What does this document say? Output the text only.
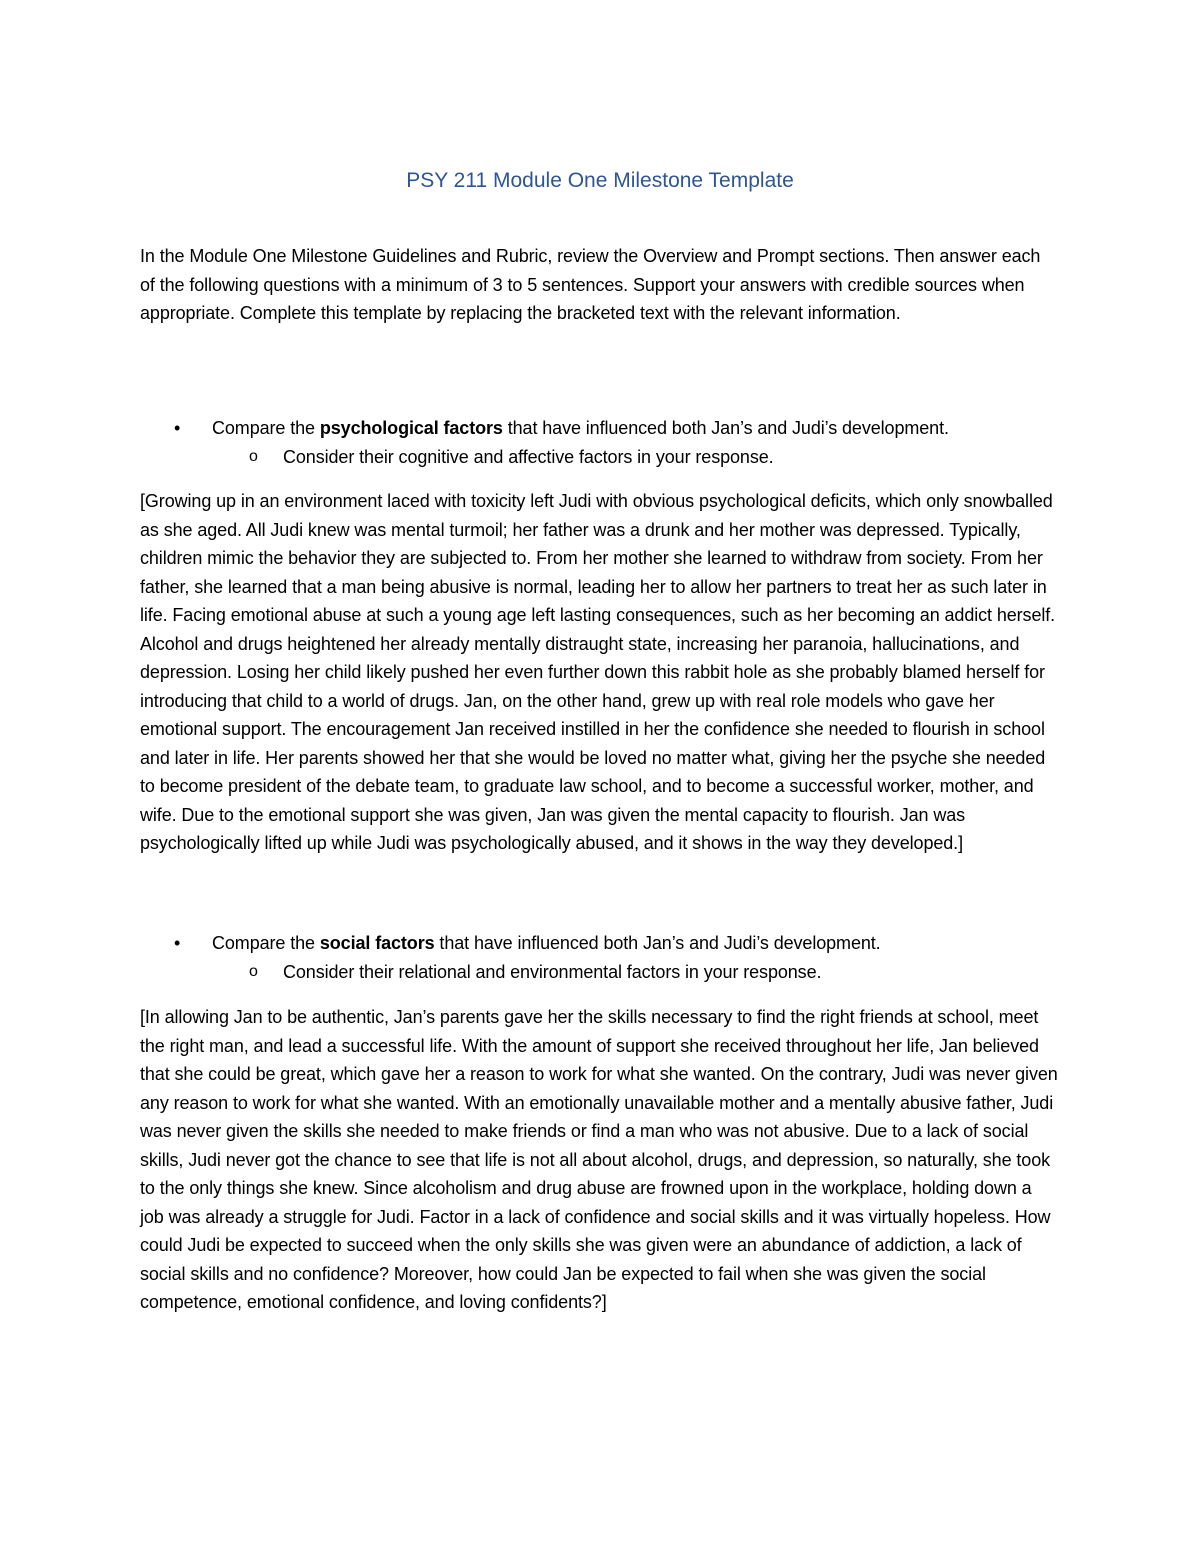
PSY 211 Module One Milestone Template
In the Module One Milestone Guidelines and Rubric, review the Overview and Prompt sections. Then answer each of the following questions with a minimum of 3 to 5 sentences. Support your answers with credible sources when appropriate. Complete this template by replacing the bracketed text with the relevant information.
• Compare the psychological factors that have influenced both Jan’s and Judi’s development.
o Consider their cognitive and affective factors in your response.
[Growing up in an environment laced with toxicity left Judi with obvious psychological deficits, which only snowballed as she aged. All Judi knew was mental turmoil; her father was a drunk and her mother was depressed. Typically, children mimic the behavior they are subjected to. From her mother she learned to withdraw from society. From her father, she learned that a man being abusive is normal, leading her to allow her partners to treat her as such later in life. Facing emotional abuse at such a young age left lasting consequences, such as her becoming an addict herself. Alcohol and drugs heightened her already mentally distraught state, increasing her paranoia, hallucinations, and depression. Losing her child likely pushed her even further down this rabbit hole as she probably blamed herself for introducing that child to a world of drugs. Jan, on the other hand, grew up with real role models who gave her emotional support. The encouragement Jan received instilled in her the confidence she needed to flourish in school and later in life. Her parents showed her that she would be loved no matter what, giving her the psyche she needed to become president of the debate team, to graduate law school, and to become a successful worker, mother, and wife. Due to the emotional support she was given, Jan was given the mental capacity to flourish. Jan was psychologically lifted up while Judi was psychologically abused, and it shows in the way they developed.]
• Compare the social factors that have influenced both Jan’s and Judi’s development.
o Consider their relational and environmental factors in your response.
[In allowing Jan to be authentic, Jan’s parents gave her the skills necessary to find the right friends at school, meet the right man, and lead a successful life. With the amount of support she received throughout her life, Jan believed that she could be great, which gave her a reason to work for what she wanted. On the contrary, Judi was never given any reason to work for what she wanted. With an emotionally unavailable mother and a mentally abusive father, Judi was never given the skills she needed to make friends or find a man who was not abusive. Due to a lack of social skills, Judi never got the chance to see that life is not all about alcohol, drugs, and depression, so naturally, she took to the only things she knew. Since alcoholism and drug abuse are frowned upon in the workplace, holding down a job was already a struggle for Judi. Factor in a lack of confidence and social skills and it was virtually hopeless. How could Judi be expected to succeed when the only skills she was given were an abundance of addiction, a lack of social skills and no confidence? Moreover, how could Jan be expected to fail when she was given the social competence, emotional confidence, and loving confidents?]
